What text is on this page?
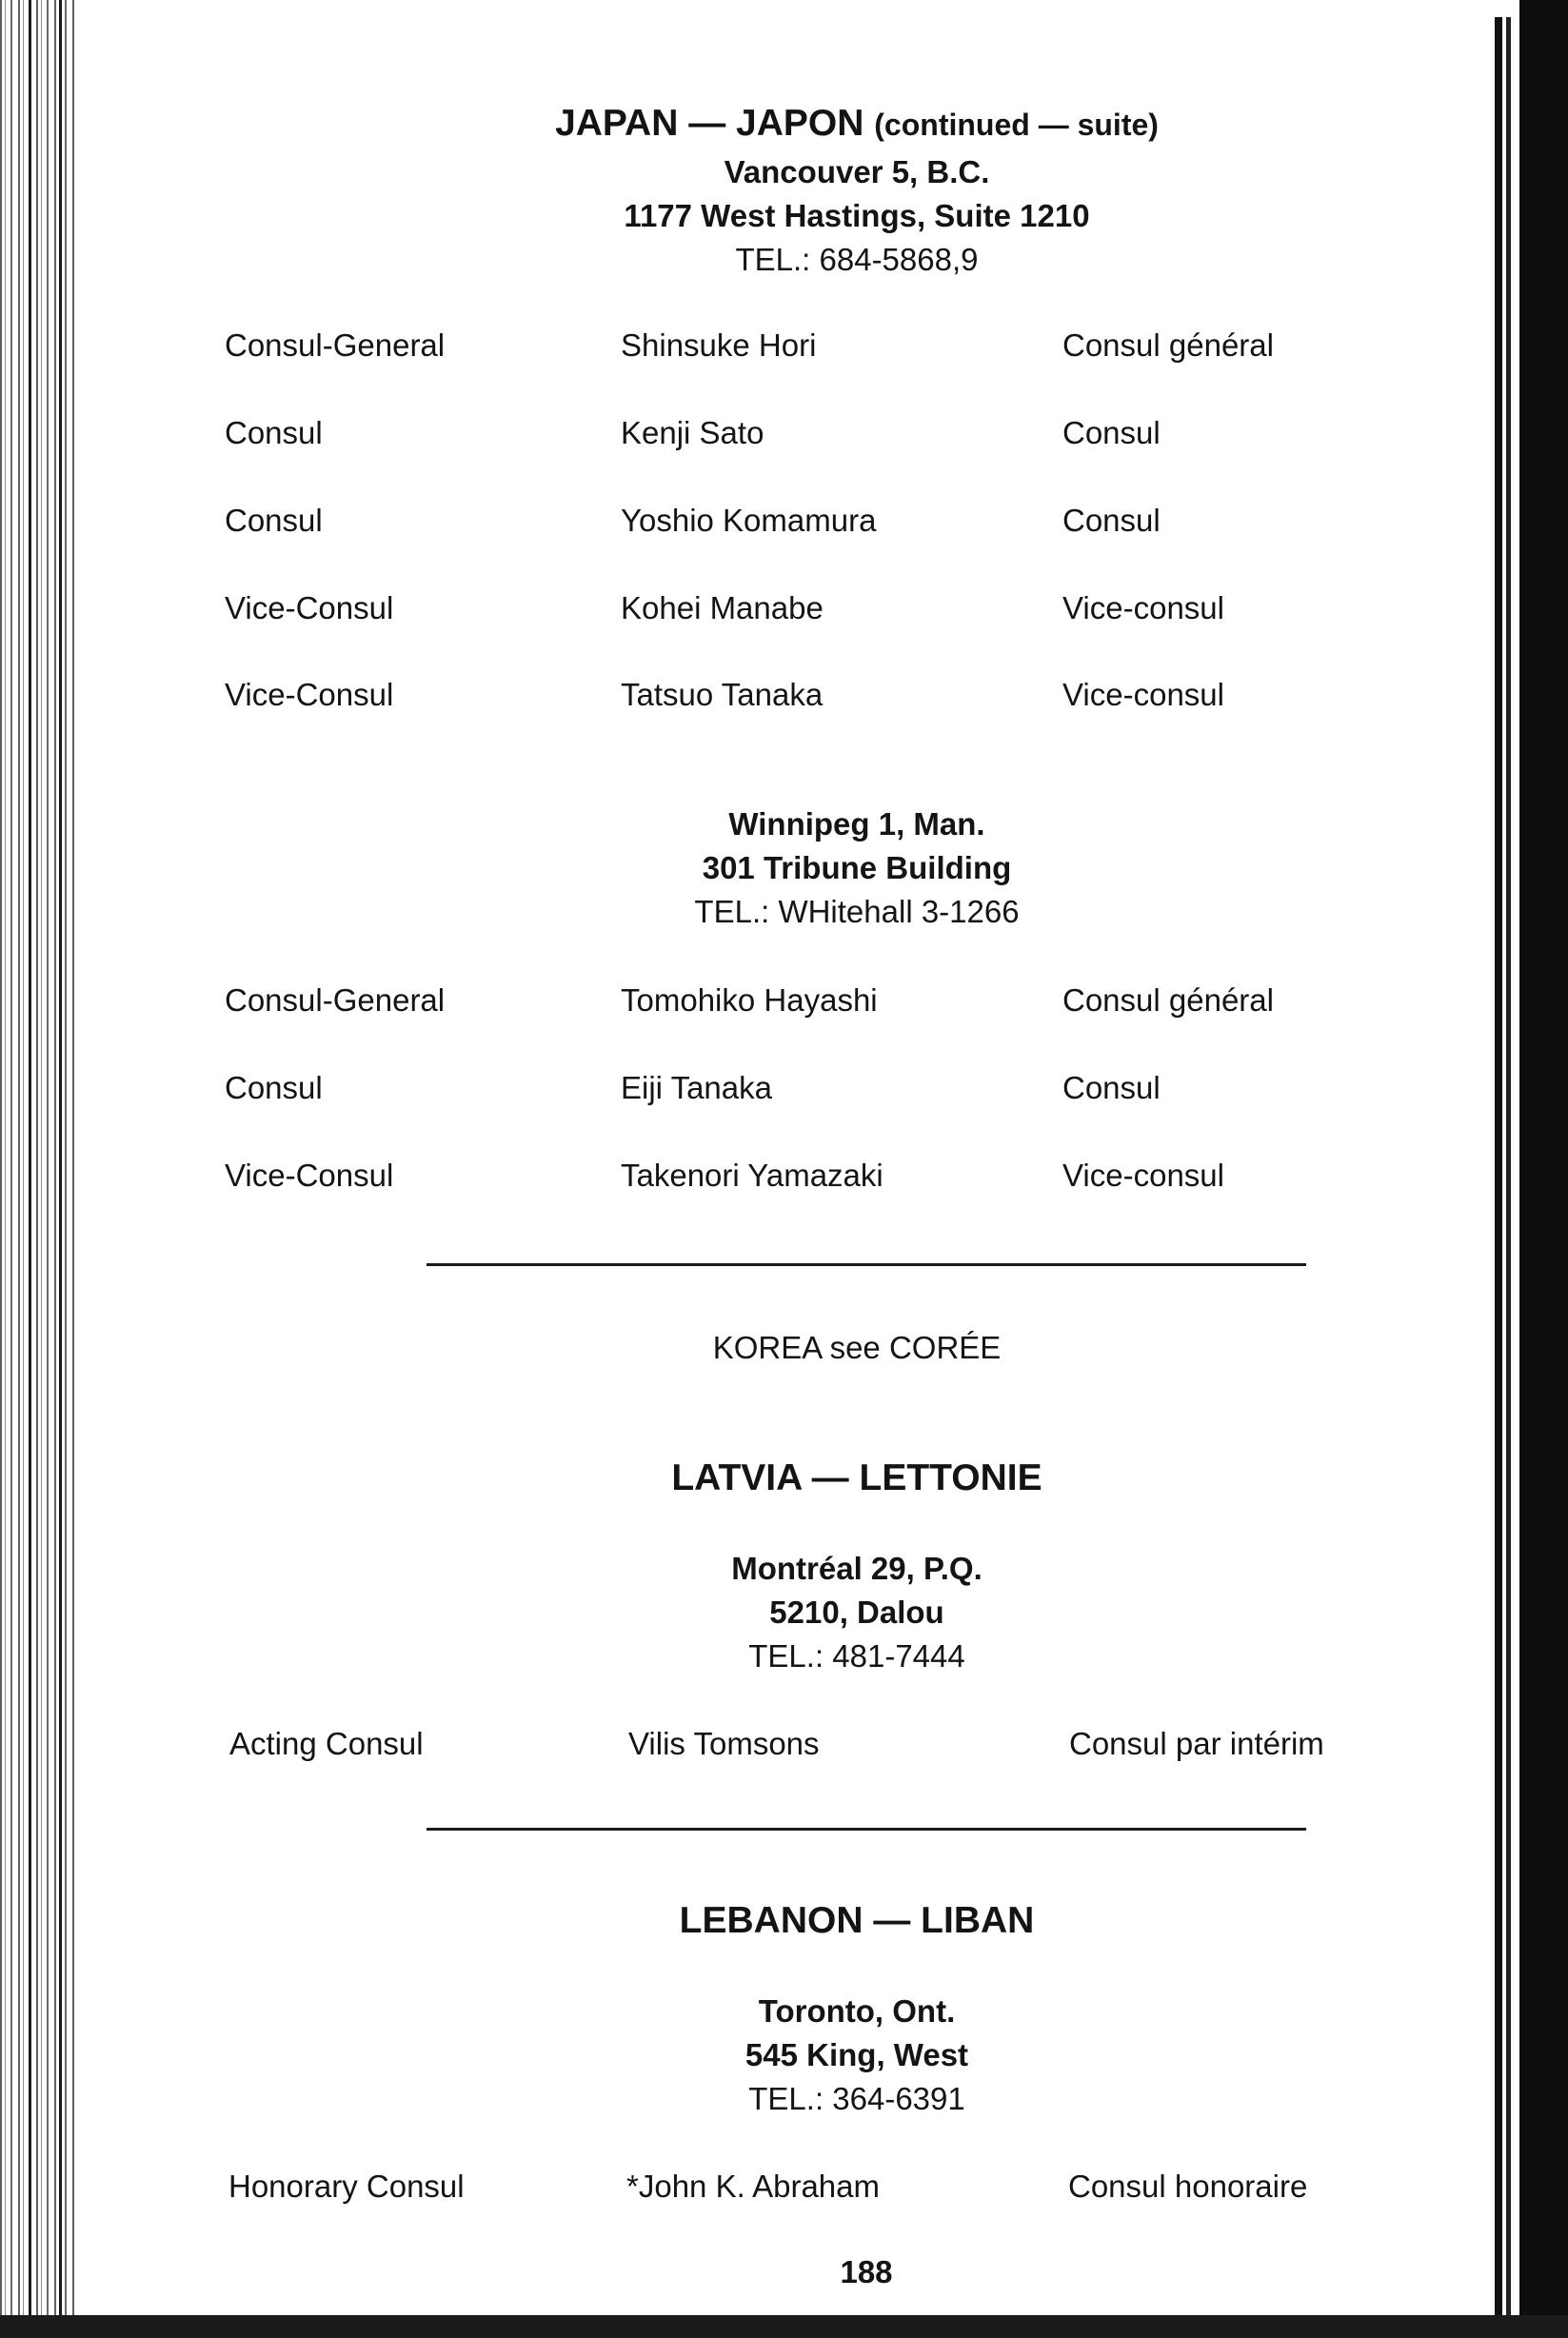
JAPAN — JAPON (continued — suite)
Vancouver 5, B.C.
1177 West Hastings, Suite 1210
TEL.: 684-5868,9
Consul-General	Shinsuke Hori	Consul général
Consul	Kenji Sato	Consul
Consul	Yoshio Komamura	Consul
Vice-Consul	Kohei Manabe	Vice-consul
Vice-Consul	Tatsuo Tanaka	Vice-consul
Winnipeg 1, Man.
301 Tribune Building
TEL.: WHitehall 3-1266
Consul-General	Tomohiko Hayashi	Consul général
Consul	Eiji Tanaka	Consul
Vice-Consul	Takenori Yamazaki	Vice-consul
KOREA see CORÉE
LATVIA — LETTONIE
Montréal 29, P.Q.
5210, Dalou
TEL.: 481-7444
Acting Consul	Vilis Tomsons	Consul par intérim
LEBANON — LIBAN
Toronto, Ont.
545 King, West
TEL.: 364-6391
Honorary Consul	*John K. Abraham	Consul honoraire
188
